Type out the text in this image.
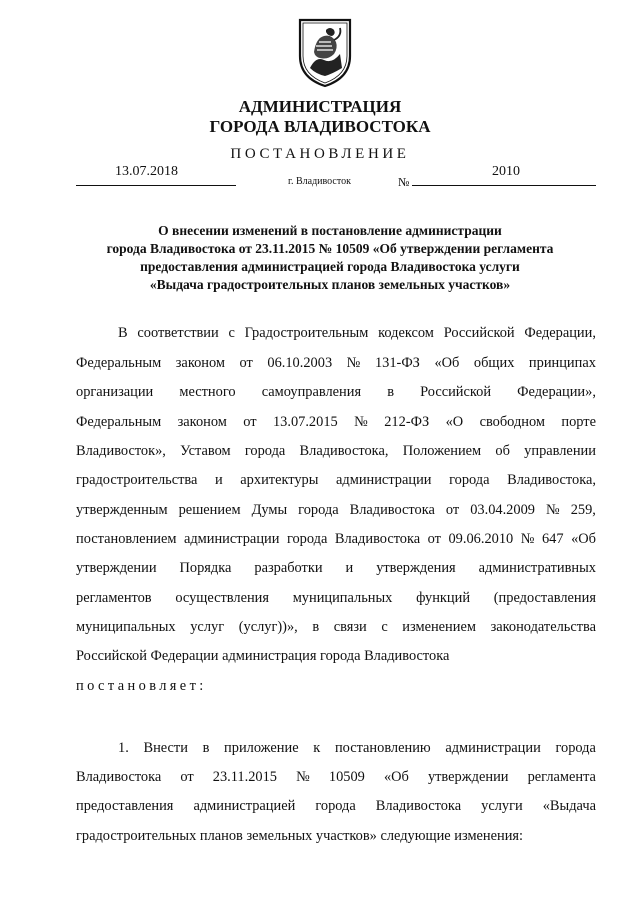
АДМИНИСТРАЦИЯ
ГОРОДА ВЛАДИВОСТОКА
ПОСТАНОВЛЕНИЕ
13.07.2018
г. Владивосток	№
2010
О внесении изменений в постановление администрации
города Владивостока от 23.11.2015 № 10509 «Об утверждении регламента
предоставления администрацией города Владивостока услуги
«Выдача градостроительных планов земельных участков»
В соответствии с Градостроительным кодексом Российской Федерации,
Федеральным законом от 06.10.2003 № 131-ФЗ «Об общих принципах
организации местного самоуправления в Российской Федерации»,
Федеральным законом от 13.07.2015 № 212-ФЗ «О свободном порте
Владивосток», Уставом города Владивостока, Положением об управлении
градостроительства и архитектуры администрации города Владивостока,
утвержденным решением Думы города Владивостока от 03.04.2009 № 259,
постановлением администрации города Владивостока от 09.06.2010 № 647 «Об
утверждении Порядка разработки и утверждения административных
регламентов осуществления муниципальных функций (предоставления
муниципальных услуг (услуг))», в связи с изменением законодательства
Российской Федерации администрация города Владивостока
постановляет:
1. Внести в приложение к постановлению администрации города
Владивостока от 23.11.2015 № 10509 «Об утверждении регламента
предоставления администрацией города Владивостока услуги «Выдача
градостроительных планов земельных участков» следующие изменения:
